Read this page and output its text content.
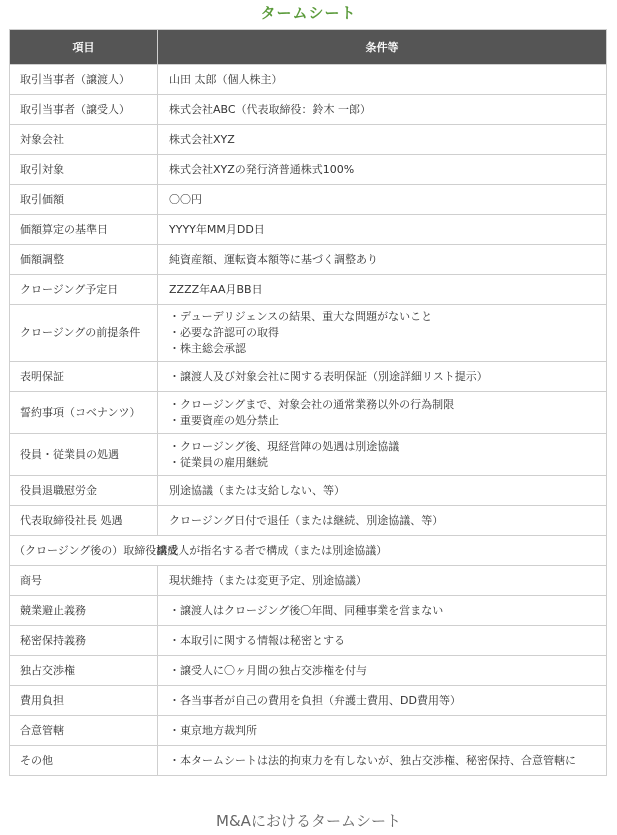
タームシート
項目	条件等
取引当事者（譲渡人）	山田 太郎（個人株主）

取引当事者（譲受人）	株式会社ABC（代表取締役：鈴木 一郎）

対象会社	株式会社XYZ

取引対象	株式会社XYZの発行済普通株式100%

取引価額	〇〇円

価額算定の基準日	YYYY年MM月DD日

価額調整	純資産額、運転資本額等に基づく調整あり

クロージング予定日	ZZZZ年AA月BB日

クロージングの前提条件	・デューデリジェンスの結果、重大な問題がないこと
・必要な許認可の取得
・株主総会承認

表明保証	・譲渡人及び対象会社に関する表明保証（別途詳細リスト提示）

誓約事項（コベナンツ）	・クロージングまで、対象会社の通常業務以外の行為制限
・重要資産の処分禁止

役員・従業員の処遇	・クロージング後、現経営陣の処遇は別途協議
・従業員の雇用継続

役員退職慰労金	別途協議（または支給しない、等）

代表取締役社長 処遇	クロージング日付で退任（または継続、別途協議、等）

（クロージング後の）取締役構成譲受人が指名する者で構成（または別途協議）	
商号	現状維持（または変更予定、別途協議）

競業避止義務	・譲渡人はクロージング後〇年間、同種事業を営まない

秘密保持義務	・本取引に関する情報は秘密とする

独占交渉権	・譲受人に〇ヶ月間の独占交渉権を付与

費用負担	・各当事者が自己の費用を負担（弁護士費用、DD費用等）

合意管轄	・東京地方裁判所

その他	・本タームシートは法的拘束力を有しないが、独占交渉権、秘密保持、合意管轄に
M&Aにおけるタームシート
